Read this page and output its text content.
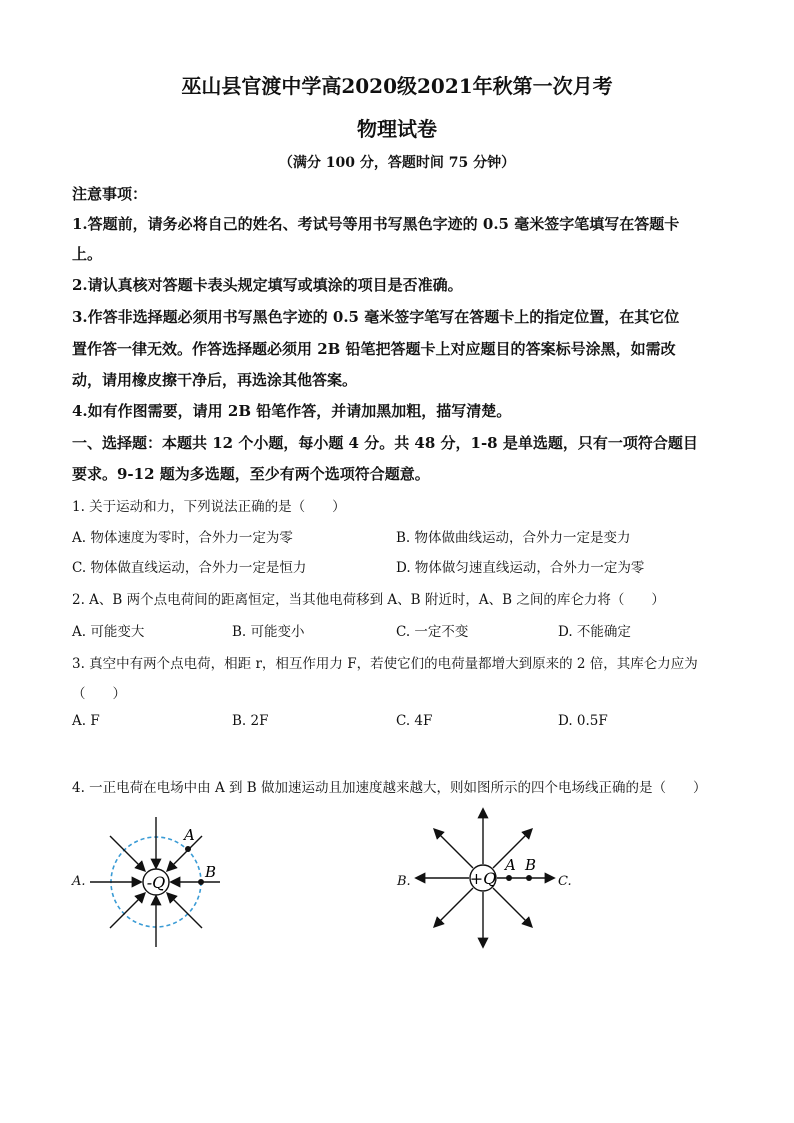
巫山县官渡中学高2020级2021年秋第一次月考
物理试卷
（满分 100 分，答题时间 75 分钟）
注意事项：
1.答题前，请务必将自己的姓名、考试号等用书写黑色字迹的 0.5 毫米签字笔填写在答题卡
上。
2.请认真核对答题卡表头规定填写或填涂的项目是否准确。
3.作答非选择题必须用书写黑色字迹的 0.5 毫米签字笔写在答题卡上的指定位置，在其它位
置作答一律无效。作答选择题必须用 2B 铅笔把答题卡上对应题目的答案标号涂黑，如需改
动，请用橡皮擦干净后，再选涂其他答案。
4.如有作图需要，请用 2B 铅笔作答，并请加黑加粗，描写清楚。
一、选择题：本题共 12 个小题，每小题 4 分。共 48 分，1-8 是单选题，只有一项符合题目
要求。9-12 题为多选题，至少有两个选项符合题意。
1. 关于运动和力，下列说法正确的是（　　）
A. 物体速度为零时，合外力一定为零	B. 物体做曲线运动，合外力一定是变力
C. 物体做直线运动，合外力一定是恒力	D. 物体做匀速直线运动，合外力一定为零
2. A、B 两个点电荷间的距离恒定，当其他电荷移到 A、B 附近时，A、B 之间的库仑力将（　　）
A. 可能变大	B. 可能变小	C. 一定不变	D. 不能确定
3. 真空中有两个点电荷，相距 r，相互作用力 F，若使它们的电荷量都增大到原来的 2 倍，其库仑力应为
（　　）
A. F	B. 2F	C. 4F	D. 0.5F
4. 一正电荷在电场中由 A 到 B 做加速运动且加速度越来越大，则如图所示的四个电场线正确的是（　　）
-Q
A
B
A.	+Q
A B
B.	C.
